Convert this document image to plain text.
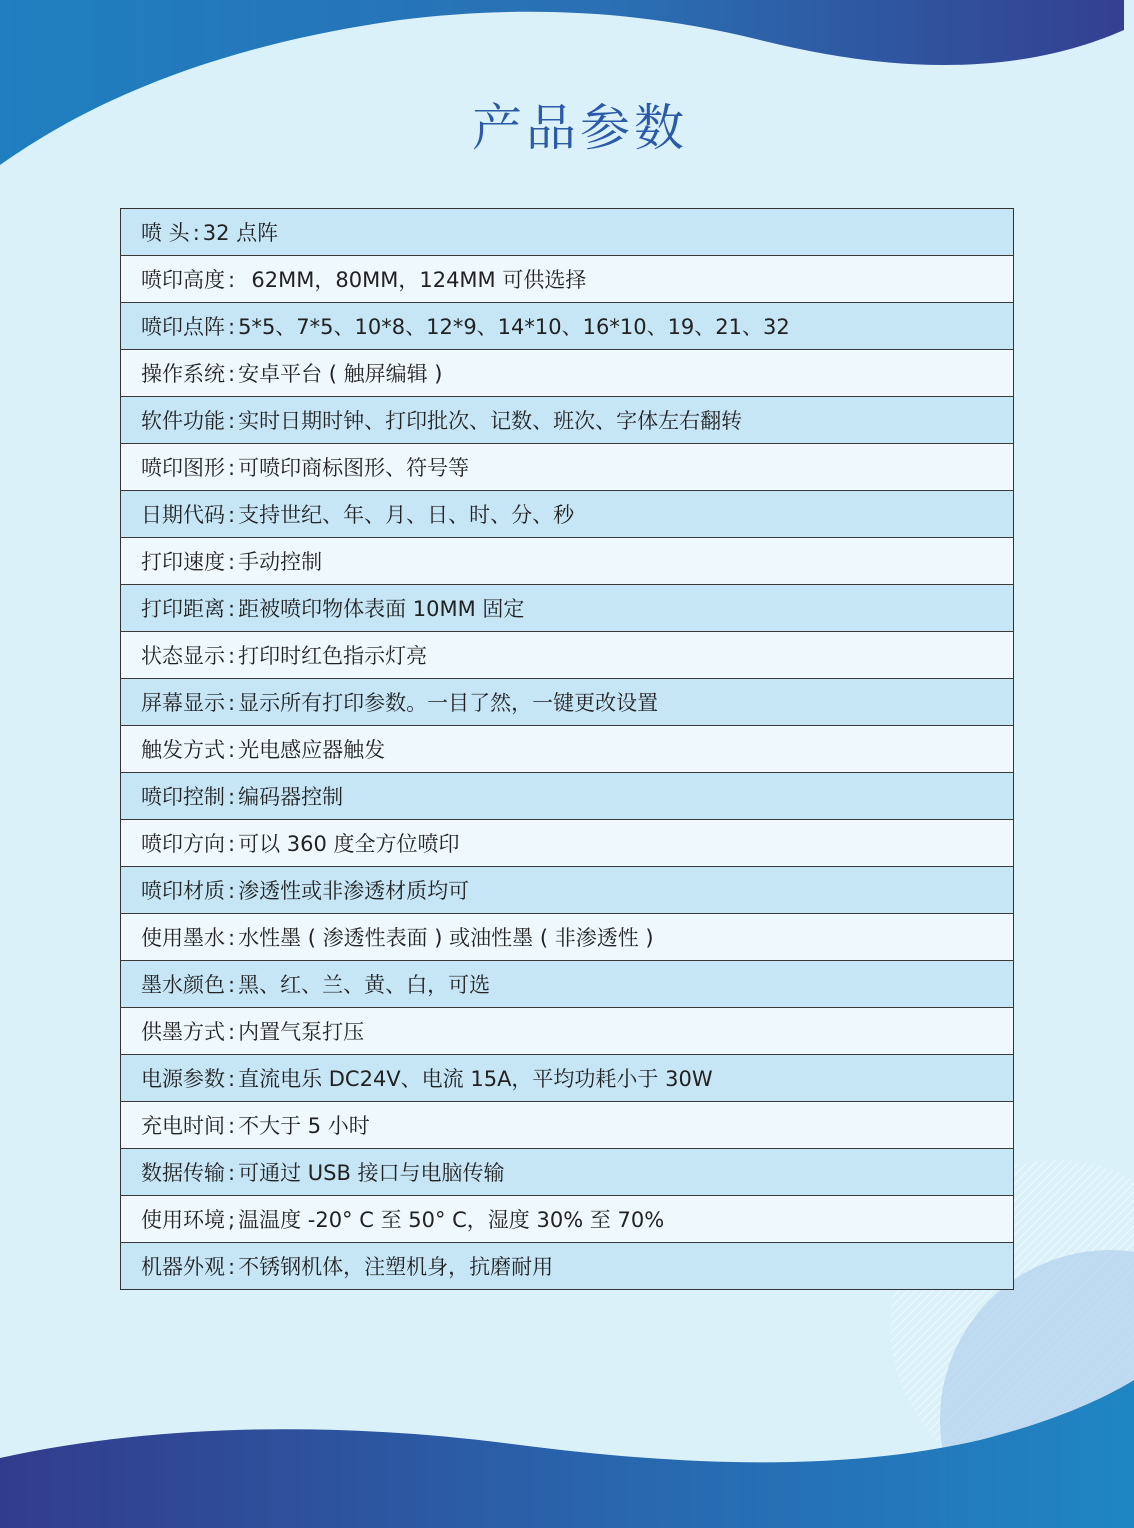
产品参数
喷 头 : 32 点阵
喷印高度 :  62MM，80MM，124MM 可供选择
喷印点阵 : 5*5、7*5、10*8、12*9、14*10、16*10、19、21、32
操作系统 : 安卓平台 ( 触屏编辑 )
软件功能 : 实时日期时钟、打印批次、记数、班次、字体左右翻转
喷印图形 : 可喷印商标图形、符号等
日期代码 : 支持世纪、年、月、日、时、分、秒
打印速度 : 手动控制
打印距离 : 距被喷印物体表面 10MM 固定
状态显示 : 打印时红色指示灯亮
屏幕显示 : 显示所有打印参数。一目了然，一键更改设置
触发方式 : 光电感应器触发
喷印控制 : 编码器控制
喷印方向 : 可以 360 度全方位喷印
喷印材质 : 渗透性或非渗透材质均可
使用墨水 : 水性墨 ( 渗透性表面 ) 或油性墨 ( 非渗透性 )
墨水颜色 : 黑、红、兰、黄、白，可选
供墨方式 : 内置气泵打压
电源参数 : 直流电乐 DC24V、电流 15A，平均功耗小于 30W
充电时间 : 不大于 5 小时
数据传输 : 可通过 USB 接口与电脑传输
使用环境 ; 温温度 -20° C 至 50° C，湿度 30% 至 70%
机器外观 : 不锈钢机体，注塑机身，抗磨耐用
